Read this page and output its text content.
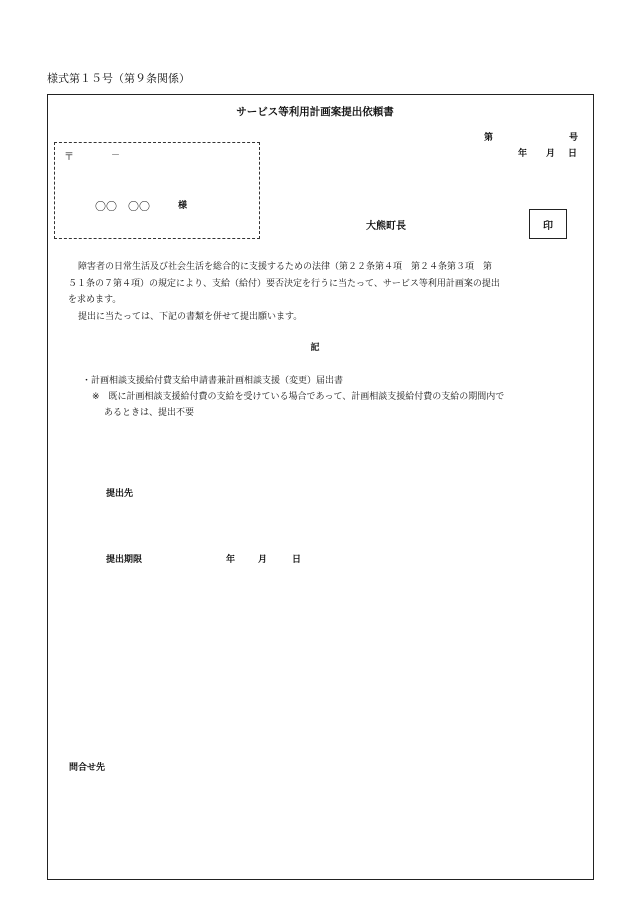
様式第１５号（第９条関係）
サービス等利用計画案提出依頼書
第	号
年 月 日
〒	－
〇〇　〇〇	様
大熊町長	印
障害者の日常生活及び社会生活を総合的に支援するための法律（第２２条第４項　第２４条第３項　第
５１条の７第４項）の規定により、支給（給付）要否決定を行うに当たって、サービス等利用計画案の提出
を求めます。
提出に当たっては、下記の書類を併せて提出願います。
記
・計画相談支援給付費支給申請書兼計画相談支援（変更）届出書
※　既に計画相談支援給付費の支給を受けている場合であって、計画相談支援給付費の支給の期間内で
あるときは、提出不要
提出先
提出期限	年	月	日
問合せ先
